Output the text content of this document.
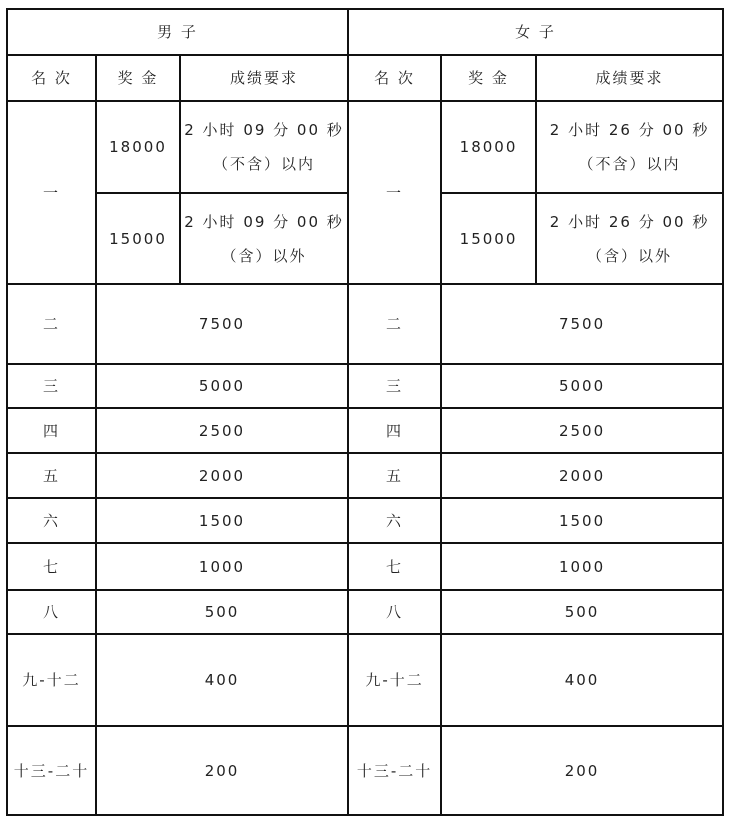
男 子			女 子		
名 次	奖 金	成绩要求	名 次	奖 金	成绩要求
一	18000	2 小时 09 分 00 秒（不含）以内	一	18000	2 小时 26 分 00 秒（不含）以内
	15000	2 小时 09 分 00 秒（含）以外		15000	2 小时 26 分 00 秒（含）以外
二	7500		二	7500	
三	5000		三	5000	
四	2500		四	2500	
五	2000		五	2000	
六	1500		六	1500	
七	1000		七	1000	
八	500		八	500	
九-十二	400		九-十二	400	
十三-二十	200		十三-二十	200	
